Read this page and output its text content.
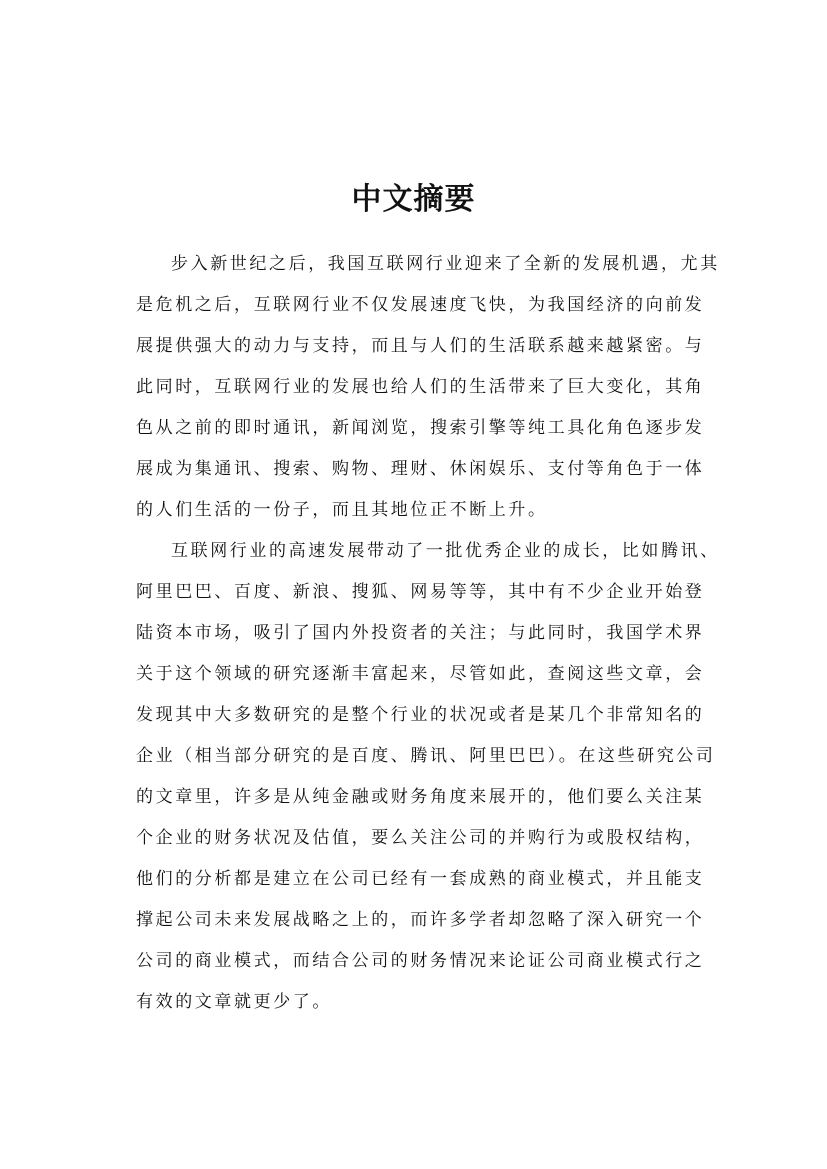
中文摘要
步入新世纪之后，我国互联网行业迎来了全新的发展机遇，尤其
是危机之后，互联网行业不仅发展速度飞快，为我国经济的向前发
展提供强大的动力与支持，而且与人们的生活联系越来越紧密。与
此同时，互联网行业的发展也给人们的生活带来了巨大变化，其角
色从之前的即时通讯，新闻浏览，搜索引擎等纯工具化角色逐步发
展成为集通讯、搜索、购物、理财、休闲娱乐、支付等角色于一体
的人们生活的一份子，而且其地位正不断上升。
互联网行业的高速发展带动了一批优秀企业的成长，比如腾讯、
阿里巴巴、百度、新浪、搜狐、网易等等，其中有不少企业开始登
陆资本市场，吸引了国内外投资者的关注；与此同时，我国学术界
关于这个领域的研究逐渐丰富起来，尽管如此，查阅这些文章，会
发现其中大多数研究的是整个行业的状况或者是某几个非常知名的
企业（相当部分研究的是百度、腾讯、阿里巴巴）。在这些研究公司
的文章里，许多是从纯金融或财务角度来展开的，他们要么关注某
个企业的财务状况及估值，要么关注公司的并购行为或股权结构，
他们的分析都是建立在公司已经有一套成熟的商业模式，并且能支
撑起公司未来发展战略之上的，而许多学者却忽略了深入研究一个
公司的商业模式，而结合公司的财务情况来论证公司商业模式行之
有效的文章就更少了。
